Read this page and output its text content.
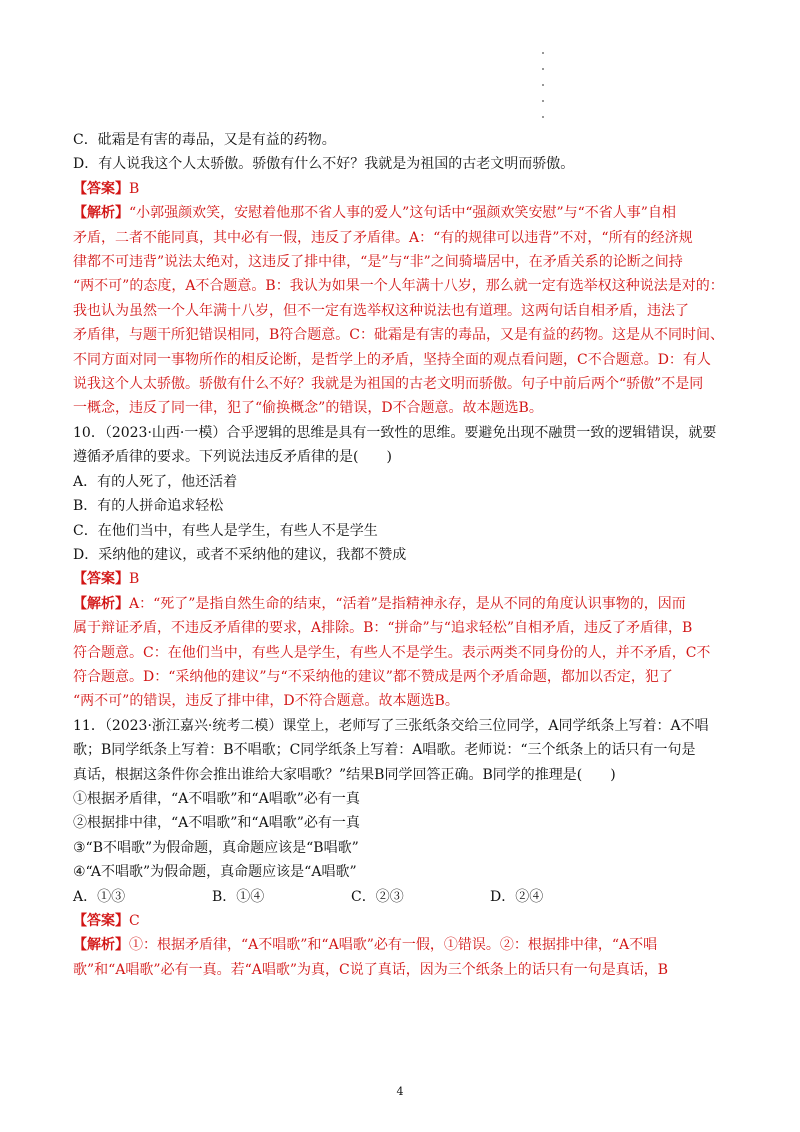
C．砒霜是有害的毒品，又是有益的药物。
D．有人说我这个人太骄傲。骄傲有什么不好？我就是为祖国的古老文明而骄傲。
【答案】B
【解析】“小郭强颜欢笑，安慰着他那不省人事的爱人”这句话中“强颜欢笑安慰”与“不省人事”自相
矛盾，二者不能同真，其中必有一假，违反了矛盾律。A：“有的规律可以违背”不对，“所有的经济规
律都不可违背”说法太绝对，这违反了排中律，“是”与“非”之间骑墙居中，在矛盾关系的论断之间持
“两不可”的态度，A不合题意。B：我认为如果一个人年满十八岁，那么就一定有选举权这种说法是对的：
我也认为虽然一个人年满十八岁，但不一定有选举权这种说法也有道理。这两句话自相矛盾，违法了
矛盾律，与题干所犯错误相同，B符合题意。C：砒霜是有害的毒品，又是有益的药物。这是从不同时间、
不同方面对同一事物所作的相反论断，是哲学上的矛盾，坚持全面的观点看问题，C不合题意。D：有人
说我这个人太骄傲。骄傲有什么不好？我就是为祖国的古老文明而骄傲。句子中前后两个“骄傲”不是同
一概念，违反了同一律，犯了“偷换概念”的错误，D不合题意。故本题选B。
10．（2023·山西·一模）合乎逻辑的思维是具有一致性的思维。要避免出现不融贯一致的逻辑错误，就要
遵循矛盾律的要求。下列说法违反矛盾律的是(　　)
A．有的人死了，他还活着
B．有的人拼命追求轻松
C．在他们当中，有些人是学生，有些人不是学生
D．采纳他的建议，或者不采纳他的建议，我都不赞成
【答案】B
【解析】A：“死了”是指自然生命的结束，“活着”是指精神永存，是从不同的角度认识事物的，因而
属于辩证矛盾，不违反矛盾律的要求，A排除。B：“拼命”与“追求轻松”自相矛盾，违反了矛盾律，B
符合题意。C：在他们当中，有些人是学生，有些人不是学生。表示两类不同身份的人，并不矛盾，C不
符合题意。D：“采纳他的建议”与“不采纳他的建议”都不赞成是两个矛盾命题，都加以否定，犯了
“两不可”的错误，违反了排中律，D不符合题意。故本题选B。
11．（2023·浙江嘉兴·统考二模）课堂上，老师写了三张纸条交给三位同学，A同学纸条上写着：A不唱
歌；B同学纸条上写着：B不唱歌；C同学纸条上写着：A唱歌。老师说：“三个纸条上的话只有一句是
真话，根据这条件你会推出谁给大家唱歌？”结果B同学回答正确。B同学的推理是(　　)
①根据矛盾律，“A不唱歌”和“A唱歌”必有一真
②根据排中律，“A不唱歌”和“A唱歌”必有一真
③“B不唱歌”为假命题，真命题应该是“B唱歌”
④“A不唱歌”为假命题，真命题应该是“A唱歌”
A．①③	B．①④	C．②③	D．②④
【答案】C
【解析】①：根据矛盾律，“A不唱歌”和“A唱歌”必有一假，①错误。②：根据排中律，“A不唱
歌”和“A唱歌”必有一真。若“A唱歌”为真，C说了真话，因为三个纸条上的话只有一句是真话，B
4
